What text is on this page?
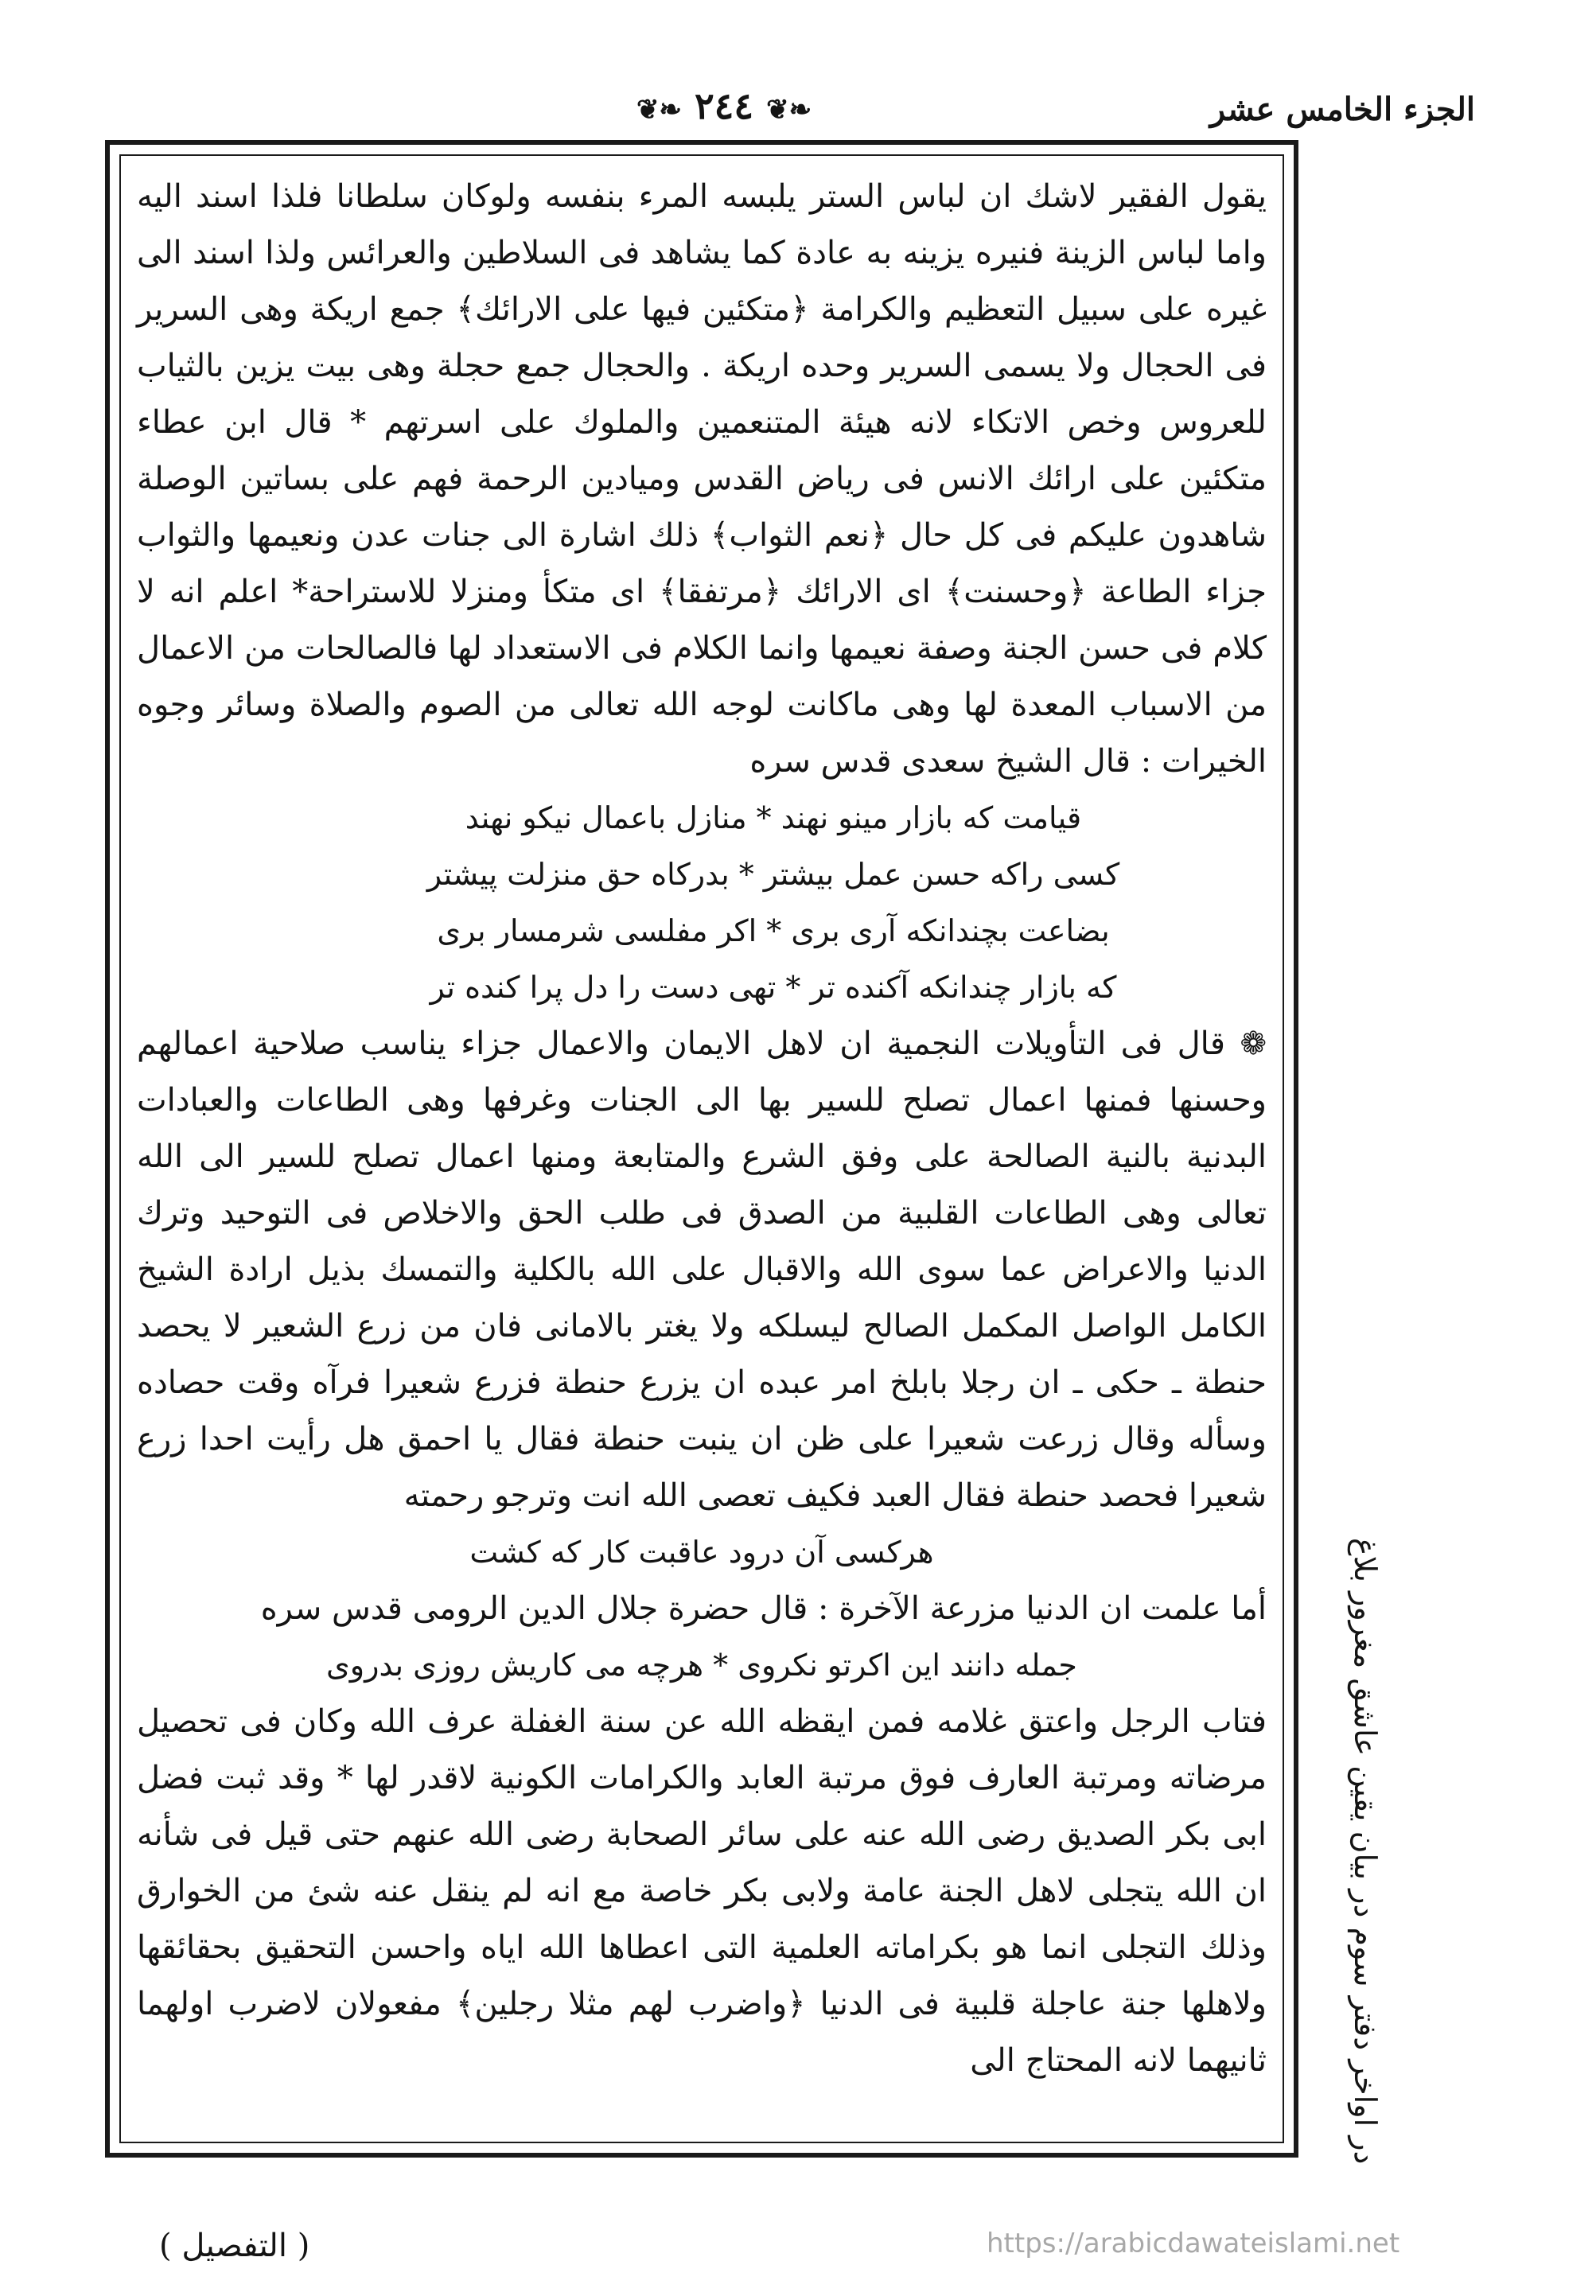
الجزء الخامس عشر
❦❧ ٢٤٤ ❦❧

يقول الفقير لاشك ان لباس الستر يلبسه المرء بنفسه ولوكان سلطانا فلذا اسند اليه واما لباس الزينة فنيره يزينه به عادة كما يشاهد فى السلاطين والعرائس ولذا اسند الى غيره على سبيل التعظيم والكرامة ﴿متكئين فيها على الارائك﴾ جمع اريكة وهى السرير فى الحجال ولا يسمى السرير وحده اريكة . والحجال جمع حجلة وهى بيت يزين بالثياب للعروس وخص الاتكاء لانه هيئة المتنعمين والملوك على اسرتهم * قال ابن عطاء متكئين على ارائك الانس فى رياض القدس وميادين الرحمة فهم على بساتين الوصلة شاهدون عليكم فى كل حال ﴿نعم الثواب﴾ ذلك اشارة الى جنات عدن ونعيمها والثواب جزاء الطاعة ﴿وحسنت﴾ اى الارائك ﴿مرتفقا﴾ اى متكأ ومنزلا للاستراحة* اعلم انه لا كلام فى حسن الجنة وصفة نعيمها وانما الكلام فى الاستعداد لها فالصالحات من الاعمال من الاسباب المعدة لها وهى ماكانت لوجه الله تعالى من الصوم والصلاة وسائر وجوه الخيرات : قال الشيخ سعدى قدس سره

قيامت كه بازار مينو نهند * منازل باعمال نيكو نهند
كسى راكه حسن عمل بيشتر * بدركاه حق منزلت پيشتر
بضاعت بچندانكه آرى برى * اكر مفلسى شرمسار برى
كه بازار چندانكه آكنده تر * تهى دست را دل پرا كنده تر

❁ قال فى التأويلات النجمية ان لاهل الايمان والاعمال جزاء يناسب صلاحية اعمالهم وحسنها فمنها اعمال تصلح للسير بها الى الجنات وغرفها وهى الطاعات والعبادات البدنية بالنية الصالحة على وفق الشرع والمتابعة ومنها اعمال تصلح للسير الى الله تعالى وهى الطاعات القلبية من الصدق فى طلب الحق والاخلاص فى التوحيد وترك الدنيا والاعراض عما سوى الله والاقبال على الله بالكلية والتمسك بذيل ارادة الشيخ الكامل الواصل المكمل الصالح ليسلكه ولا يغتر بالامانى فان من زرع الشعير لا يحصد حنطة ـ حكى ـ ان رجلا بابلخ امر عبده ان يزرع حنطة فزرع شعيرا فرآه وقت حصاده وسأله وقال زرعت شعيرا على ظن ان ينبت حنطة فقال يا احمق هل رأيت احدا زرع شعيرا فحصد حنطة فقال العبد فكيف تعصى الله انت وترجو رحمته

هركسى آن درود عاقبت كار كه كشت

أما علمت ان الدنيا مزرعة الآخرة : قال حضرة جلال الدين الرومى قدس سره

جمله دانند اين اكرتو نكروى * هرچه مى كاريش روزى بدروى

فتاب الرجل واعتق غلامه فمن ايقظه الله عن سنة الغفلة عرف الله وكان فى تحصيل مرضاته ومرتبة العارف فوق مرتبة العابد والكرامات الكونية لاقدر لها * وقد ثبت فضل ابى بكر الصديق رضى الله عنه على سائر الصحابة رضى الله عنهم حتى قيل فى شأنه ان الله يتجلى لاهل الجنة عامة ولابى بكر خاصة مع انه لم ينقل عنه شئ من الخوارق وذلك التجلى انما هو بكراماته العلمية التى اعطاها الله اياه واحسن التحقيق بحقائقها ولاهلها جنة عاجلة قلبية فى الدنيا ﴿واضرب لهم مثلا رجلين﴾ مفعولان لاضرب اولهما ثانيهما لانه المحتاج الى	در اواخر دفتر سوم در بيان يقين عاشق مغرور بلاغ
( التفصيل )	https://arabicdawateislami.net
